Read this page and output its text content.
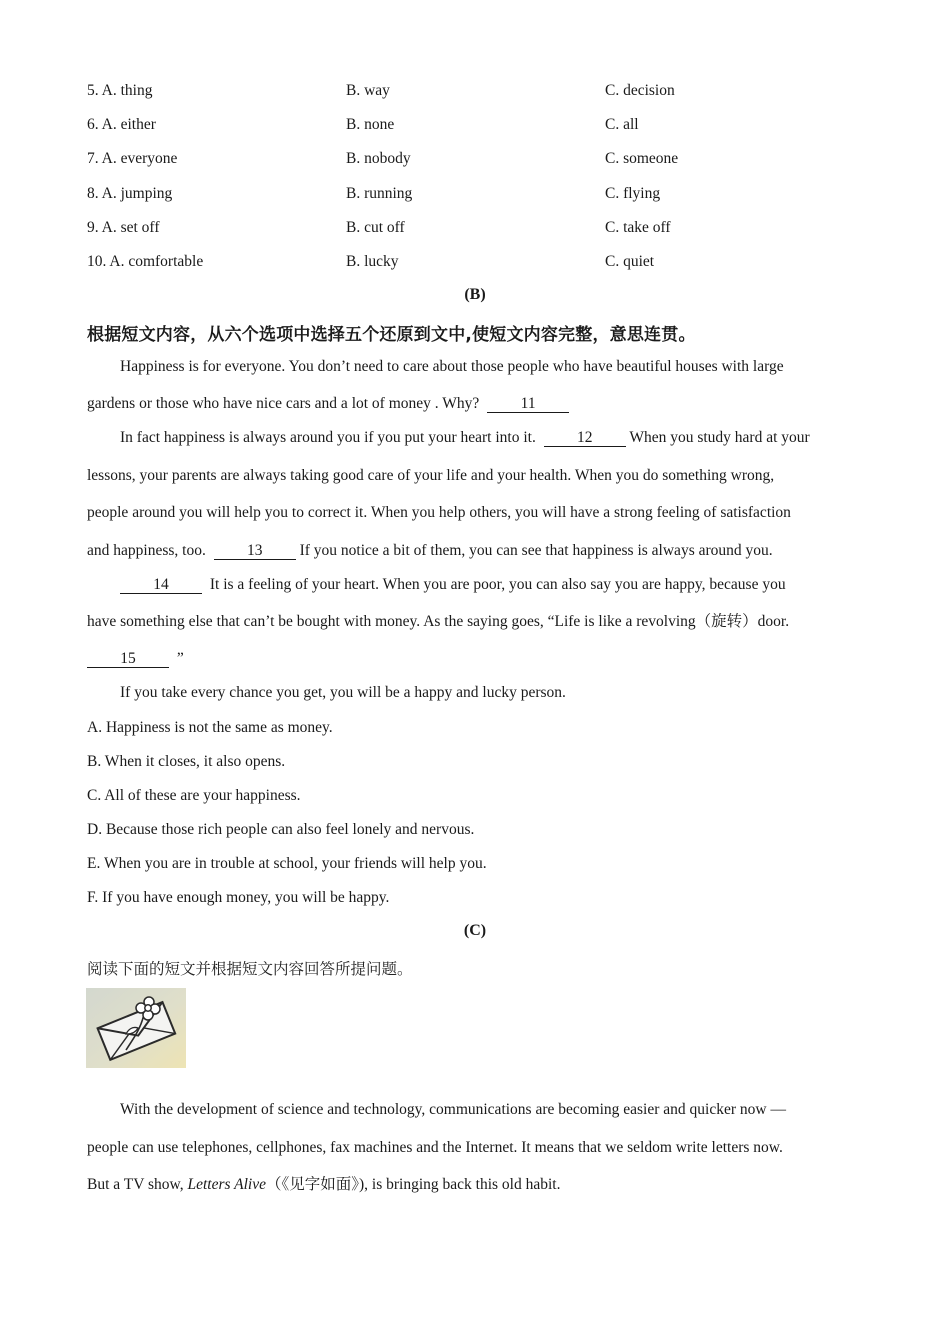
5. A. thing	B. way	C. decision
6. A. either	B. none	C. all
7. A. everyone	B. nobody	C. someone
8. A. jumping	B. running	C. flying
9. A. set off	B. cut off	C. take off
10. A. comfortable	B. lucky	C. quiet
(B)
根据短文内容，从六个选项中选择五个还原到文中,使短文内容完整，意思连贯。
Happiness is for everyone. You don’t need to care about those people who have beautiful houses with large
gardens or those who have nice cars and a lot of money . Why?	11
In fact happiness is always around you if you put your heart into it.	12 When you study hard at your
lessons, your parents are always taking good care of your life and your health. When you do something wrong,
people around you will help you to correct it. When you help others, you will have a strong feeling of satisfaction
and happiness, too.	13 If you notice a bit of them, you can see that happiness is always around you.
14	It is a feeling of your heart. When you are poor, you can also say you are happy, because you
have something else that can’t be bought with money. As the saying goes, “Life is like a revolving（旋转）door.
15	”
If you take every chance you get, you will be a happy and lucky person.
A. Happiness is not the same as money.
B. When it closes, it also opens.
C. All of these are your happiness.
D. Because those rich people can also feel lonely and nervous.
E. When you are in trouble at school, your friends will help you.
F. If you have enough money, you will be happy.
(C)
阅读下面的短文并根据短文内容回答所提问题。
With the development of science and technology, communications are becoming easier and quicker now —
people can use telephones, cellphones, fax machines and the Internet. It means that we seldom write letters now.
But a TV show, Letters Alive（《见字如面》), is bringing back this old habit.
